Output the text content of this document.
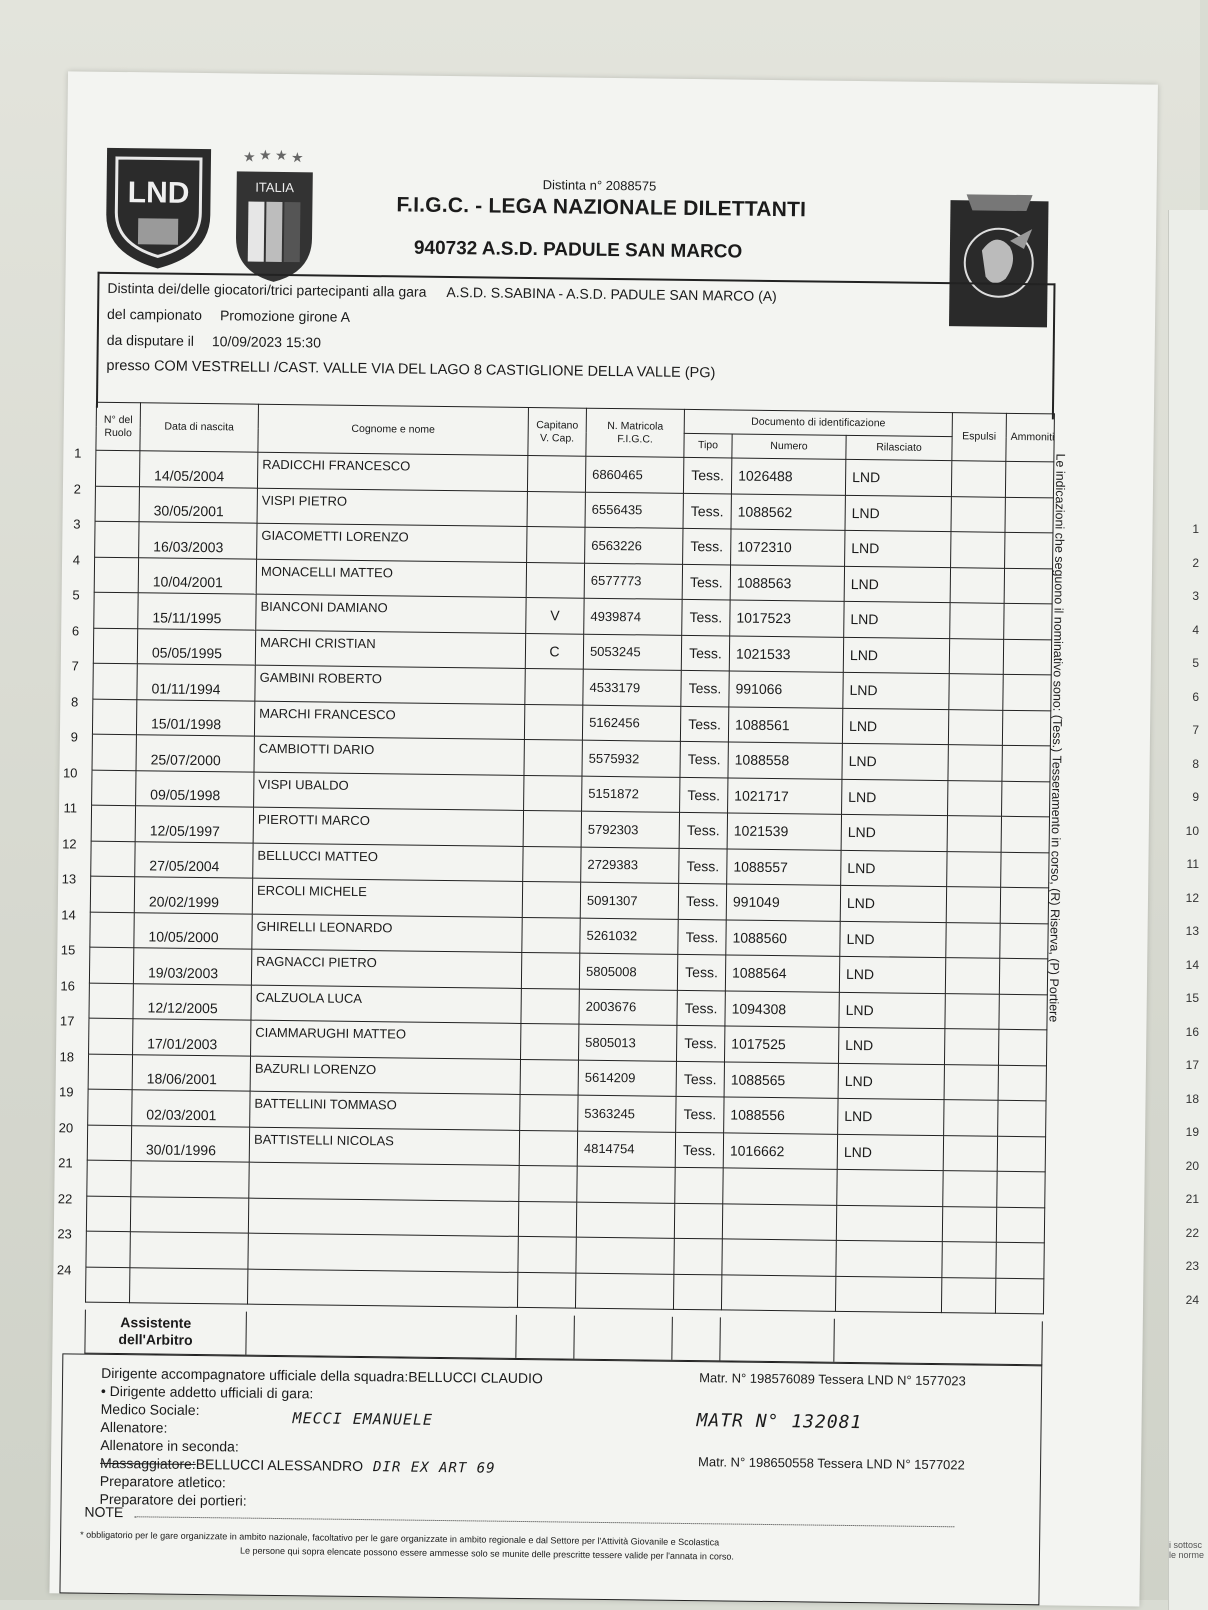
i sottosc
le norme
1
2
3
4
5
6
7
8
9
10
11
12
13
14
15
16
17
18
19
20
21
22
23
24
LND
★ ★ ★ ★
ITALIA	Distinta n° 2088575
F.I.G.C. - LEGA NAZIONALE DILETTANTI
940732 A.S.D. PADULE SAN MARCO
Distinta dei/delle giocatori/trici partecipanti alla gara A.S.D. S.SABINA - A.S.D. PADULE SAN MARCO (A)
del campionato Promozione girone A
da disputare il 10/09/2023 15:30
presso COM VESTRELLI /CAST. VALLE VIA DEL LAGO 8 CASTIGLIONE DELLA VALLE (PG)
1
2
3
4
5
6
7
8
9
10
11
12
13
14
15
16
17
18
19
20
21
22
23
24
N° del Ruolo	Data di nascita	Cognome e nome	Capitano V. Cap.	N. Matricola F.I.G.C.	Documento di identificazione			Espulsi	Ammoniti
					Tipo	Numero	Rilasciato		
	14/05/2004	RADICCHI FRANCESCO		6860465	Tess.	1026488	LND		
	30/05/2001	VISPI PIETRO		6556435	Tess.	1088562	LND		
	16/03/2003	GIACOMETTI LORENZO		6563226	Tess.	1072310	LND		
	10/04/2001	MONACELLI MATTEO		6577773	Tess.	1088563	LND		
	15/11/1995	BIANCONI DAMIANO	V	4939874	Tess.	1017523	LND		
	05/05/1995	MARCHI CRISTIAN	C	5053245	Tess.	1021533	LND		
	01/11/1994	GAMBINI ROBERTO		4533179	Tess.	991066	LND		
	15/01/1998	MARCHI FRANCESCO		5162456	Tess.	1088561	LND		
	25/07/2000	CAMBIOTTI DARIO		5575932	Tess.	1088558	LND		
	09/05/1998	VISPI UBALDO		5151872	Tess.	1021717	LND		
	12/05/1997	PIEROTTI MARCO		5792303	Tess.	1021539	LND		
	27/05/2004	BELLUCCI MATTEO		2729383	Tess.	1088557	LND		
	20/02/1999	ERCOLI MICHELE		5091307	Tess.	991049	LND		
	10/05/2000	GHIRELLI LEONARDO		5261032	Tess.	1088560	LND		
	19/03/2003	RAGNACCI PIETRO		5805008	Tess.	1088564	LND		
	12/12/2005	CALZUOLA LUCA		2003676	Tess.	1094308	LND		
	17/01/2003	CIAMMARUGHI MATTEO		5805013	Tess.	1017525	LND		
	18/06/2001	BAZURLI LORENZO		5614209	Tess.	1088565	LND		
	02/03/2001	BATTELLINI TOMMASO		5363245	Tess.	1088556	LND		
	30/01/1996	BATTISTELLI NICOLAS		4814754	Tess.	1016662	LND		

Le indicazioni che seguono il nominativo sono: (Tess.) Tesseramento in corso, (R) Riserva, (P) Portiere
Assistente dell'Arbitro
Dirigente accompagnatore ufficiale della squadra:BELLUCCI CLAUDIO	Matr. N° 198576089 Tessera LND N° 1577023
• Dirigente addetto ufficiali di gara:
Medico Sociale:
Allenatore:	MECCI EMANUELE	MATR N° 132081
Allenatore in seconda:
Massaggiatore:BELLUCCI ALESSANDRO DIR EX ART 69	Matr. N° 198650558 Tessera LND N° 1577022
Preparatore atletico:
Preparatore dei portieri:
NOTE
* obbligatorio per le gare organizzate in ambito nazionale, facoltativo per le gare organizzate in ambito regionale e dal Settore per l'Attività Giovanile e Scolastica
Le persone qui sopra elencate possono essere ammesse solo se munite delle prescritte tessere valide per l'annata in corso.
